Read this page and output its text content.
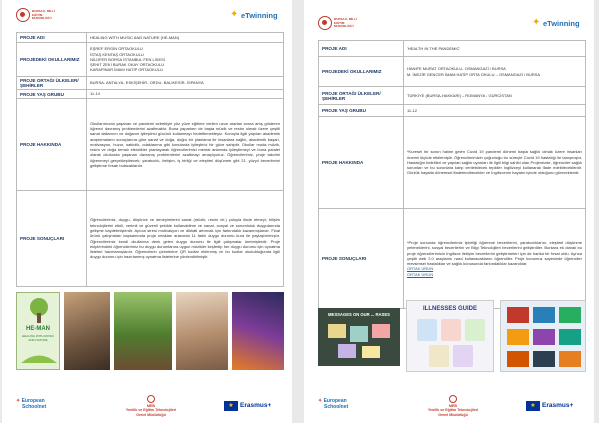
BURSA İL MİLLİ EĞİTİM MÜDÜRLÜĞÜ	✦ eTwinning
PROJE ADI	HEALING WITH MUSIC AND NATURE (HE-MAN)
PROJEDEKİ OKULLARIMIZ	EŞREF ERGİN ORTAOKULU
İSTAŞ KENTAŞ ORTAOKULU
NİLÜFER BORSA İSTANBUL FEN LİSESİ
ŞEHİT ZEKİ BURAK OKAY ORTAOKULU
KARAPINAR İMAM HATİP ORTAOKULU

PROJE ORTAĞI ÜLKELER/ŞEHİRLER	BURSA- ANTALYA- ESKİŞEHİR- ORDU- BALIKESİR- İSPANYA
PROJE YAŞ GRUBU	11-14
PROJE HAKKINDA	Okullarımızda yaşanan ve pandemi sebebiyle yüz yüze eğitime verilen uzun aradan sonra artış gösteren öğrenci davranış problemlerini azaltmaktır. Buna yaparken de başta müzik ve resim olmak üzere çeşitli sanat dallarının ve doğanın iyileştirici gücünü kullanmayı hedeflemekteyiz. Konuyla ilgili yapılan akademik araştırmaların sonuçlarına göre sanat ve doğa, doğru bir planlama ile insanlara sağlık, akademik başarı, motivasyon, huzur, sakinlik, odaklanma gibi konularda iyileştirici bir güce sahiptir. Okullar moda müzik, resim ve doğa temalı etkinlikler planlayarak öğrencilerimizi mental anlamda iyileştirmeyi ve buna paralel olarak okulunda yaşanan davranış problemlerini azaltmayı amaçlıyoruz. Öğrencilerimiz, proje takvimi öğrenmeyi gerçekleştirecek; yaratıcılık, iletişim, iş birliği ve eleştirel düşünme gibi 21. yüzyıl becerilerini geliştirme fırsatı bulacaklardır.
PROJE SONUÇLARI	Öğrencilerimiz, duygu, düşünce ve deneyimlerini sanat (müzik, resim vb.) yoluyla ifade etmeyi; bilişim teknolojilerini etkili, verimli ve güvenli şekilde kullanabilme ve sanat, sosyal ve sorumluluk duygularında gelişme kaydetmişlerdir. Ayrıca stresi motivasyon ve dikkati artırmak için farkındalık kazanmışlardır. Final ürünü çalışmaları kapsamında proje ortakları arasında 11 farklı duygu durumu kura ile paylaştırılmıştır. Öğrencilerimiz kendi okullarına denk gelen duygu durumu ile ilgili çalışmalar üretmişlerdir. Proje ekiplerindeki öğrencilerimiz bu duygu durumlarına uygun müzikler keşfedip her duygu durumu için oynatma listeleri hazırlamışlardır. Öğrencilerin çizimlerine QR kodlar eklenmiş ve bu kodlar okutulduğunda ilgili duygu durumu için hazırlanmış oynatma listelerine yönlendirilmiştir.
HE-MAN
HEALING WITH MUSIC AND NATURE
✦ European
Schoolnet	MEB
Yenilik ve Eğitim Teknolojileri
Genel Müdürlüğü
★ Erasmus+
BURSA İL MİLLİ EĞİTİM MÜDÜRLÜĞÜ	✦ eTwinning
PROJE ADI	'HEALTH IN THE PANDEMIC'
PROJEDEKİ OKULLARIMIZ	HANIFE MURAT ORTAOKULU- OSMANGAZİ / BURSA
M. İNEZİR GENCER İMAM HATİP ORTA OKULU – OSMANGAZİ / BURSA

PROJE ORTAĞI ÜLKELER/ŞEHİRLER	TÜRKİYE (BURSA-HAKKARİ) – ROMANYA - GÜRCİSTAN
PROJE YAŞ GRUBU	11-12
PROJE HAKKINDA	*Kuresel bir sorun haline gelen Covid 19 pandemi dönemi başta sağlık olmak üzere insanları önemli ölçüde etkilemiştir. Öğrencilerimizin çoğunluğu bu süreçte Covid 19 hastalığı ile tanışmıştır. Hastalığın belirtileri ve yapılan sağlık uyarıları ile ilgili bilgi sahibi olan Projemizde, öğrenciler sağlık sorunları ve bu sorunlara karşı verilebilecek tepkiler İngilizceyi kullanarak ifade edebileceklerdir. Günlük hayatta dönemsel ifadelendirecekler ve İngilizcenin hayatın içinde olduğunu göreceklerdir.
PROJE SONUÇLARI	*Proje sonunda öğrencilerimiz işbirliği öğrenme becerilerini, yaratıcılıklarını, eleştirel düşünme yeteneklerini, sosyal becerilerini ve Bilgi Teknolojileri becerilerini geliştirdiler. Bunlara ek olarak bu proje öğrencilerimizin İngilizce iletişim becerilerini geliştirmeleri için de harika bir fırsat oldu. Ayrıca çeşitli web 2.0 araçlarını nasıl kullanacaklarını öğrendiler. Proje konumuz sayesinde öğrenciler mevsimsel hastalıklar ve sağlık konusunda farkındalıklar kazandılar.
ORTAK ÜRÜN
ORTAK ÜRÜN
MESSAGES ON OUR ... RASES
ILLNESSES GUIDE
✦ European
Schoolnet	MEB
Yenilik ve Eğitim Teknolojileri
Genel Müdürlüğü
★ Erasmus+
